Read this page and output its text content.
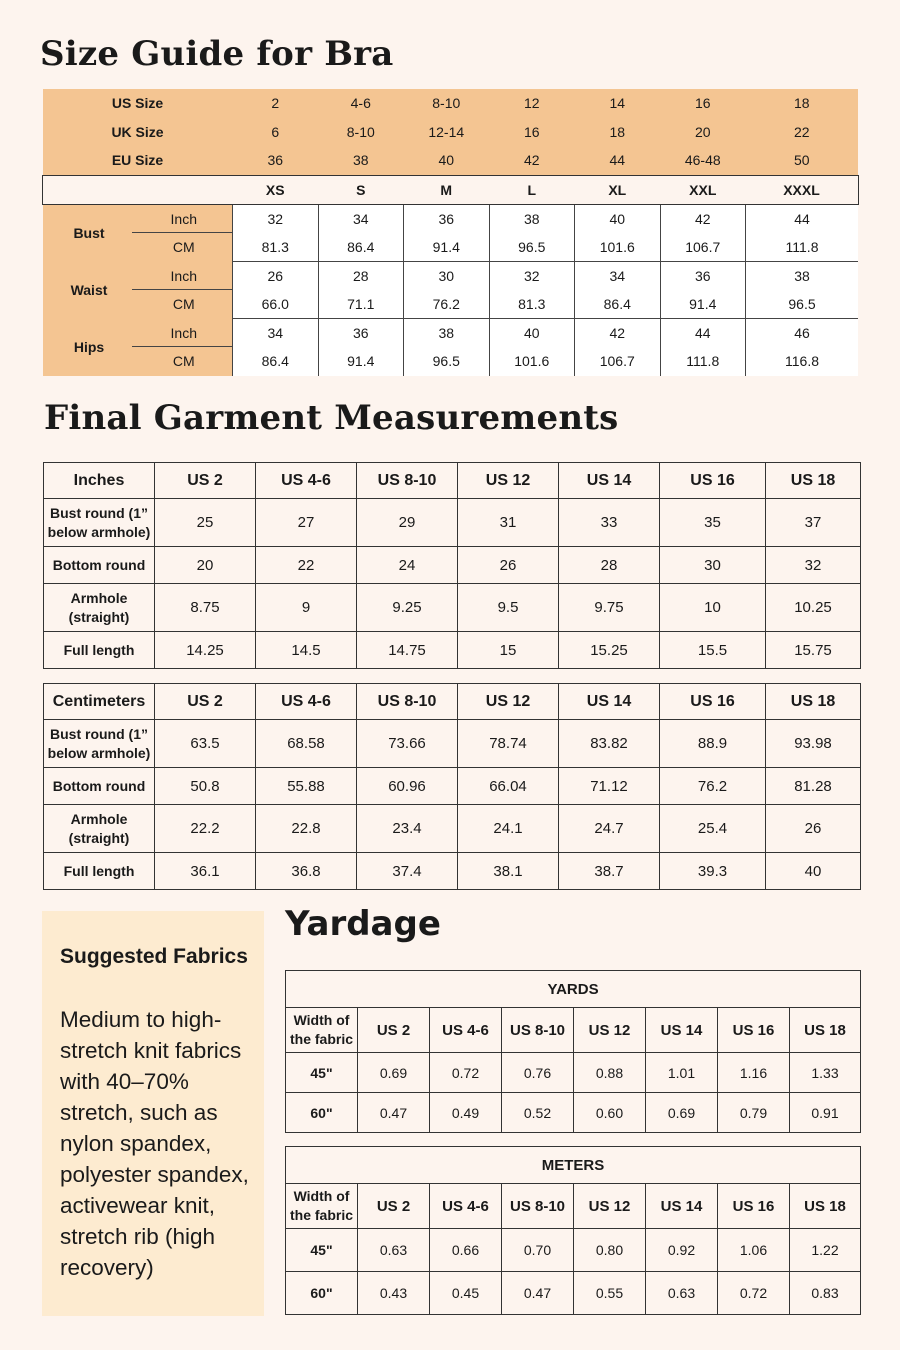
Size Guide for Bra
US Size		2	4-6	8-10	12	14	16	18
UK Size		6	8-10	12-14	16	18	20	22
EU Size		36	38	40	42	44	46-48	50
		XS	S	M	L	XL	XXL	XXXL
Bust	Inch	32	34	36	38	40	42	44
	CM	81.3	86.4	91.4	96.5	101.6	106.7	111.8
Waist	Inch	26	28	30	32	34	36	38
	CM	66.0	71.1	76.2	81.3	86.4	91.4	96.5
Hips	Inch	34	36	38	40	42	44	46
	CM	86.4	91.4	96.5	101.6	106.7	111.8	116.8
Final Garment Measurements
Inches	US 2	US 4-6	US 8-10	US 12	US 14	US 16	US 18

Bust round (1”
below armhole)	25	27	29	31	33	35	37

Bottom round	20	22	24	26	28	30	32

Armhole
(straight)	8.75	9	9.25	9.5	9.75	10	10.25

Full length	14.25	14.5	14.75	15	15.25	15.5	15.75
Centimeters	US 2	US 4-6	US 8-10	US 12	US 14	US 16	US 18

Bust round (1”
below armhole)	63.5	68.58	73.66	78.74	83.82	88.9	93.98

Bottom round	50.8	55.88	60.96	66.04	71.12	76.2	81.28

Armhole
(straight)	22.2	22.8	23.4	24.1	24.7	25.4	26

Full length	36.1	36.8	37.4	38.1	38.7	39.3	40

Suggested Fabrics

Medium to high-stretch knit fabrics with 40–70% stretch, such as nylon spandex, polyester spandex, activewear knit, stretch rib (high recovery)

Yardage
YARDS							

Width of
the fabric	US 2	US 4-6	US 8-10	US 12	US 14	US 16	US 18
45"	0.69	0.72	0.76	0.88	1.01	1.16	1.33
60"	0.47	0.49	0.52	0.60	0.69	0.79	0.91
METERS							

Width of
the fabric	US 2	US 4-6	US 8-10	US 12	US 14	US 16	US 18
45"	0.63	0.66	0.70	0.80	0.92	1.06	1.22
60"	0.43	0.45	0.47	0.55	0.63	0.72	0.83
